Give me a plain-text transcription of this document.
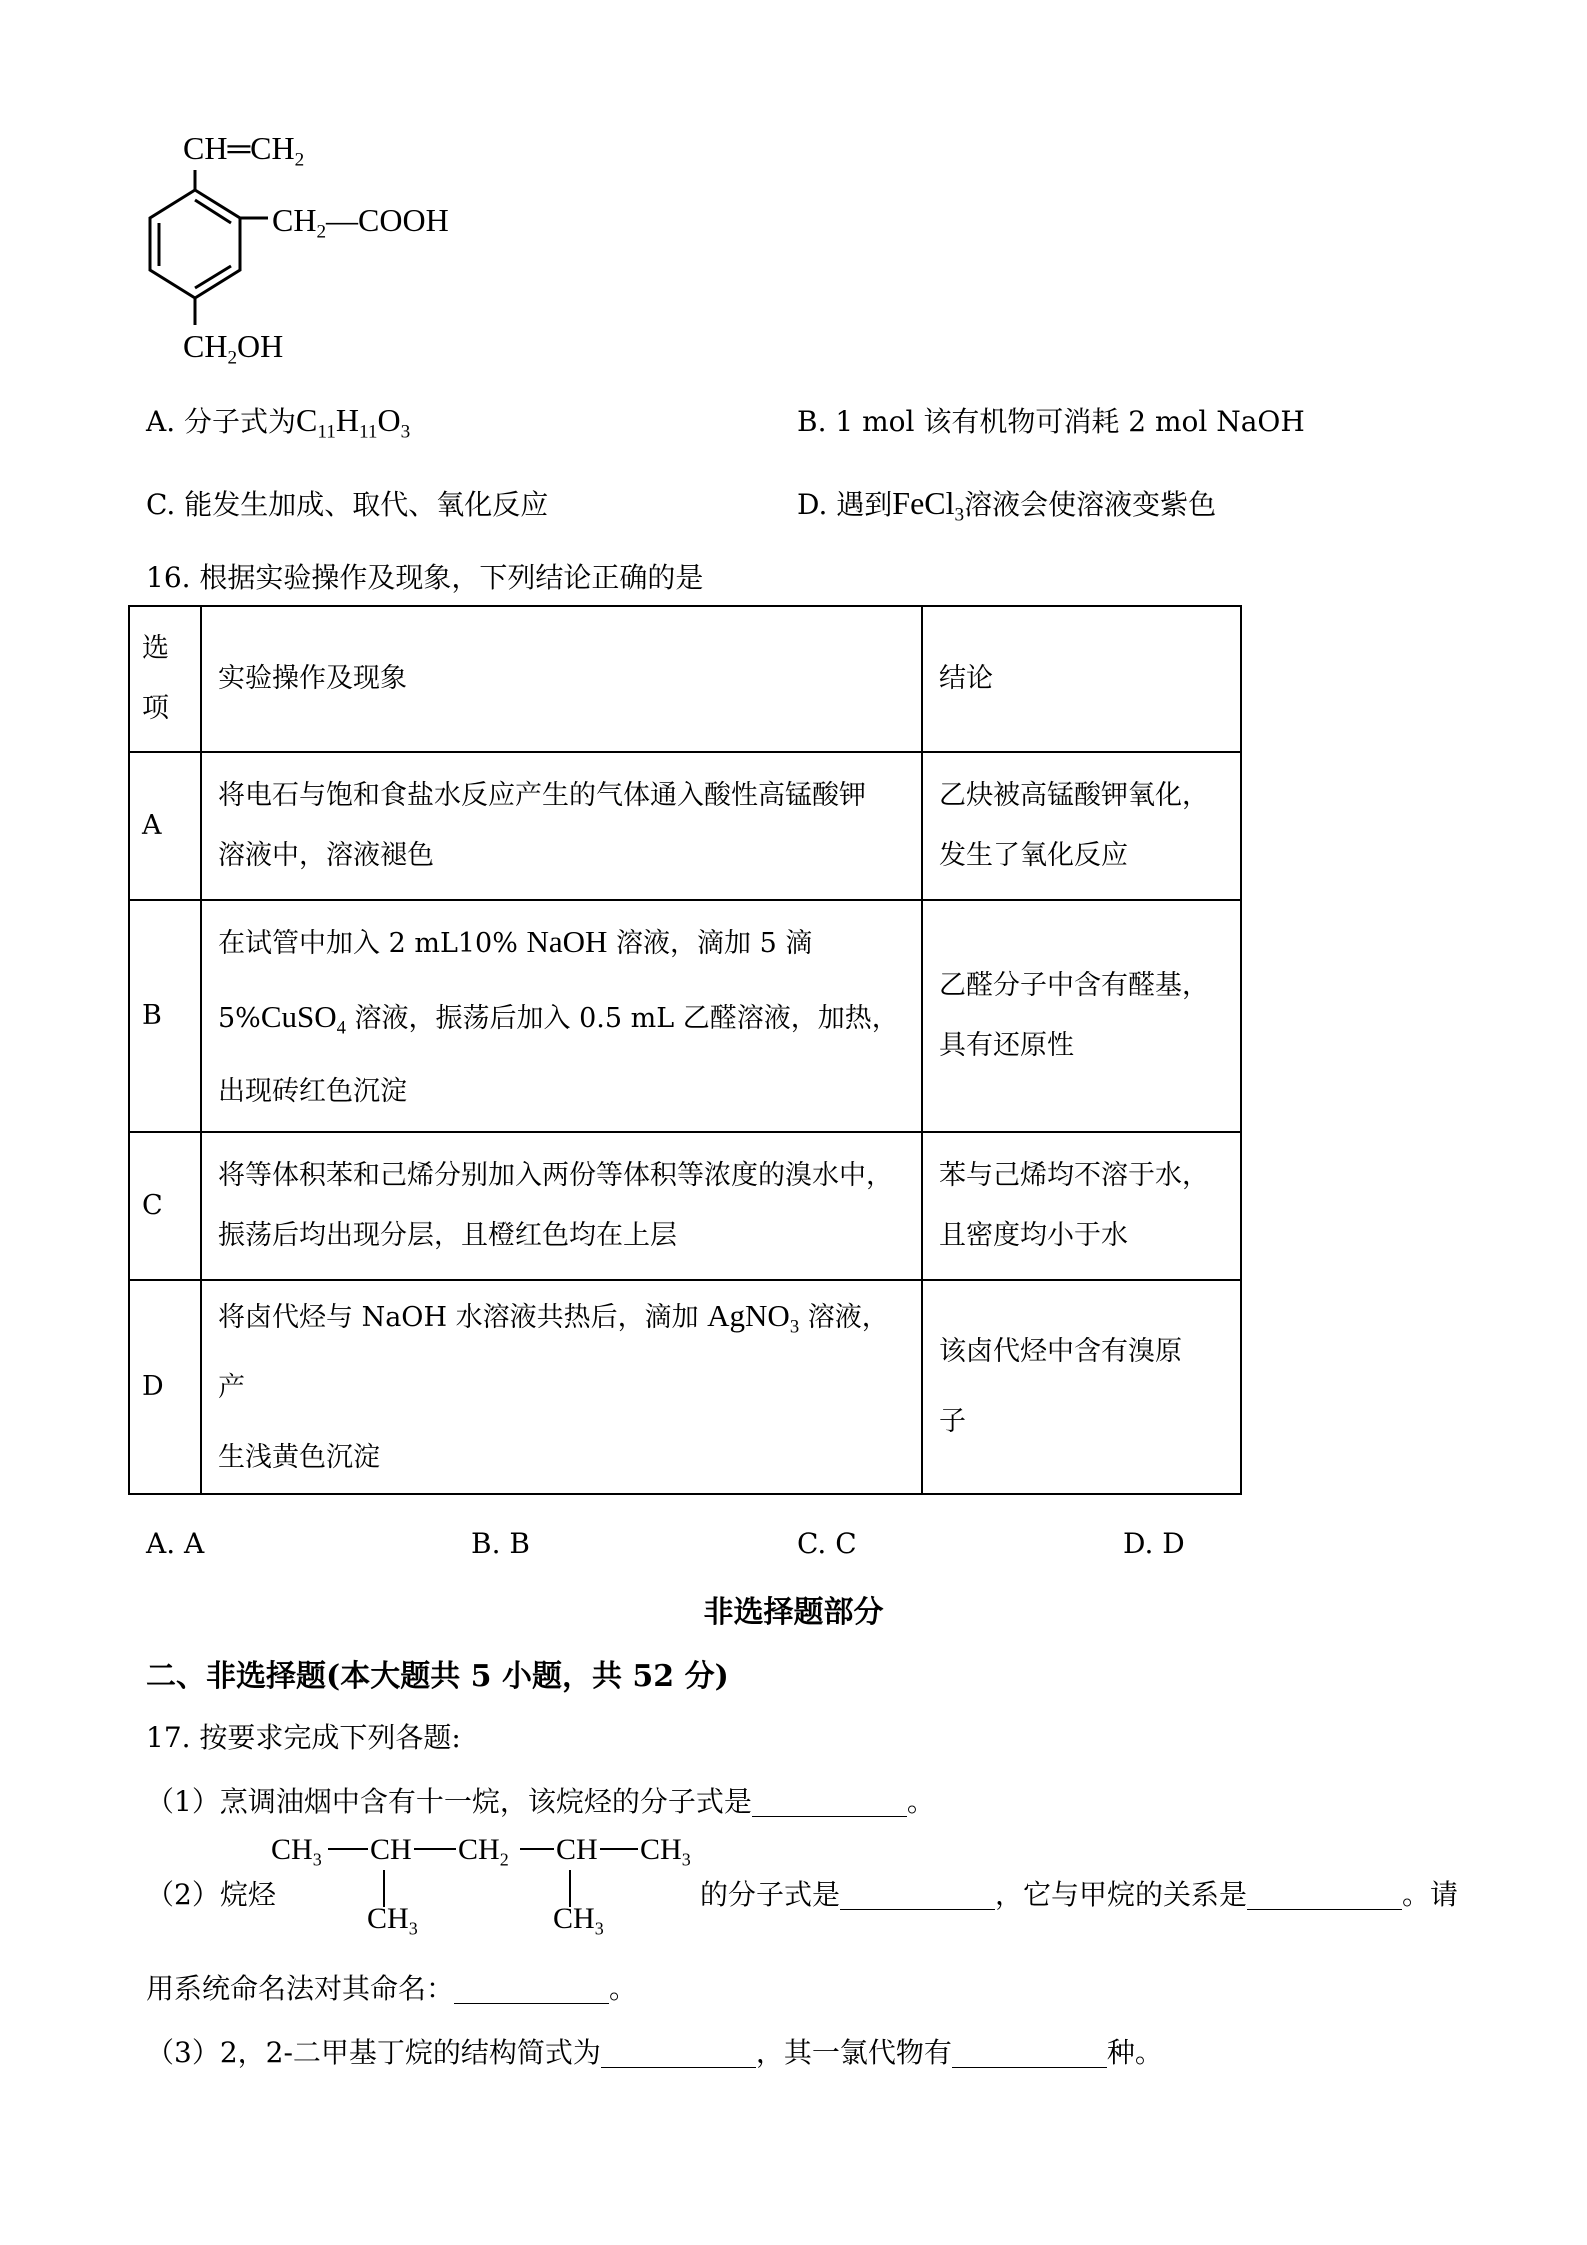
$CH═CH_2$
$CH_2—COOH$
$CH_2OH$
A. 分子式为$C_{11}H_{11}O_3$	B. 1 mol 该有机物可消耗 2 mol NaOH
C. 能发生加成、取代、氧化反应	D. 遇到FeCl$_3$溶液会使溶液变紫色
16. 根据实验操作及现象，下列结论正确的是
选
项	实验操作及现象	结论
A	将电石与饱和食盐水反应产生的气体通入酸性高锰酸钾
溶液中，溶液褪色	乙炔被高锰酸钾氧化，
发生了氧化反应
B	在试管中加入 2 mL10% NaOH 溶液，滴加 5 滴
5%CuSO$_4$ 溶液，振荡后加入 0.5 mL 乙醛溶液，加热，
出现砖红色沉淀	乙醛分子中含有醛基，
具有还原性
C	将等体积苯和己烯分别加入两份等体积等浓度的溴水中，
振荡后均出现分层，且橙红色均在上层	苯与己烯均不溶于水，
且密度均小于水
D	将卤代烃与 NaOH 水溶液共热后，滴加 AgNO$_3$ 溶液，产
生浅黄色沉淀	该卤代烃中含有溴原
子
A. A	B. B	C. C	D. D
非选择题部分
二、非选择题(本大题共 5 小题，共 52 分)
17. 按要求完成下列各题:
（1）烹调油烟中含有十一烷，该烷烃的分子式是	。
（2）烷烃
$CH_3$ CH $CH_2$ CH $CH_3$
$CH_3$	$CH_3$
的分子式是	，它与甲烷的关系是	。请
用系统命名法对其命名：	。
（3）2，2-二甲基丁烷的结构简式为	，其一氯代物有	种。
